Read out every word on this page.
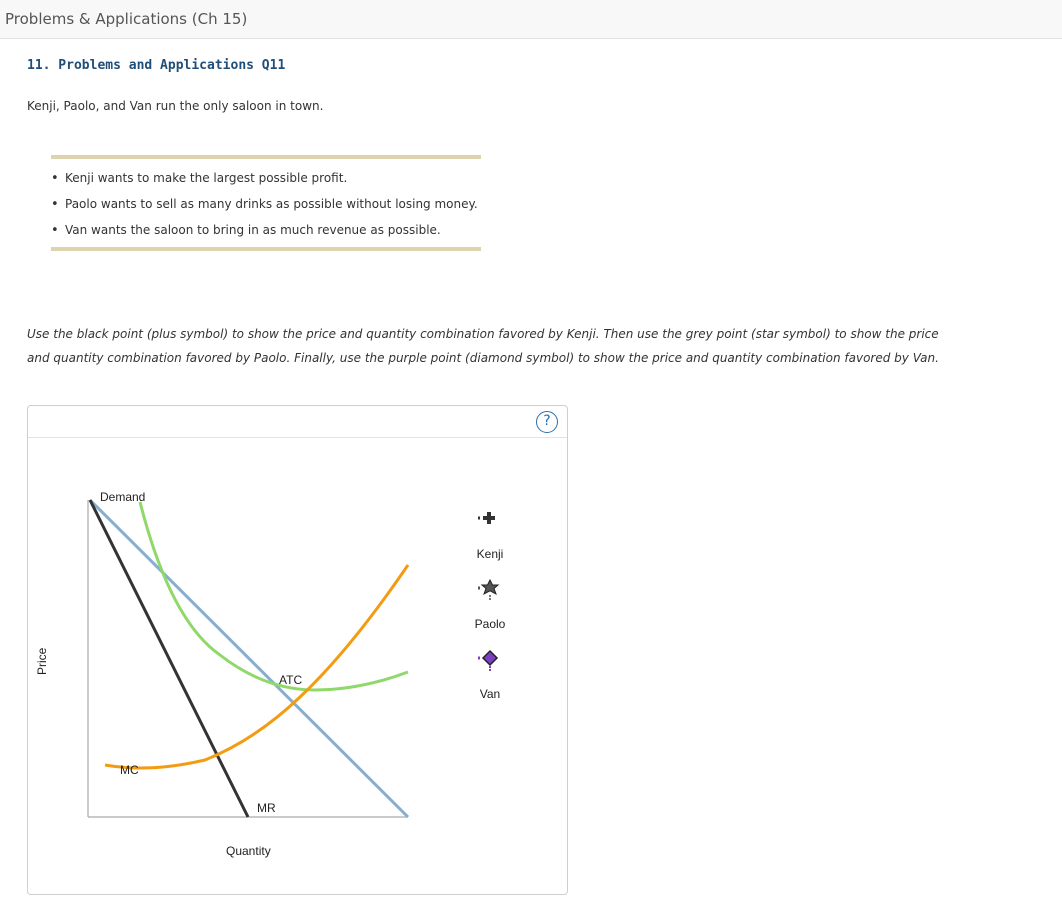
Problems & Applications (Ch 15)
11. Problems and Applications Q11
Kenji, Paolo, and Van run the only saloon in town.
• Kenji wants to make the largest possible profit.
• Paolo wants to sell as many drinks as possible without losing money.
• Van wants the saloon to bring in as much revenue as possible.
Use the black point (plus symbol) to show the price and quantity combination favored by Kenji. Then use the grey point (star symbol) to show the price and quantity combination favored by Paolo. Finally, use the purple point (diamond symbol) to show the price and quantity combination favored by Van.
?
Demand
ATC
MC
MR
Quantity
Price
Kenji
Paolo
Van
